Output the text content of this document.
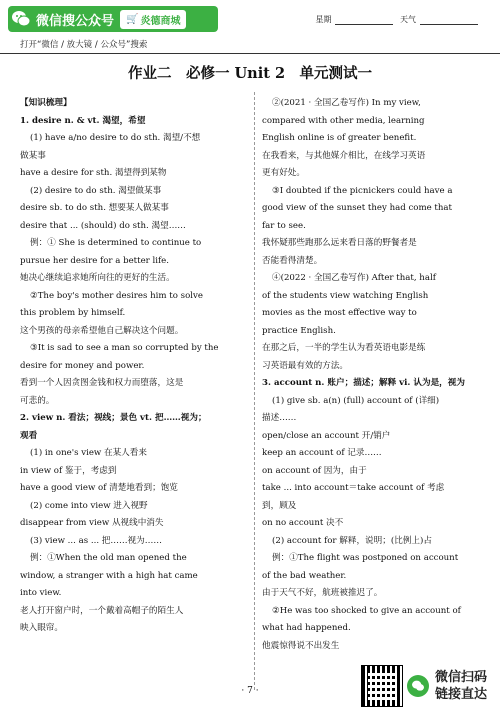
微信搜公众号 🛒 炎德商城
打开“微信 / 放大镜 / 公众号”搜索
星期	天气
作业二　必修一 Unit 2　单元测试一
【知识梳理】
1. desire n. & vt. 渴望，希望
(1) have a/no desire to do sth. 渴望/不想
做某事
have a desire for sth. 渴望得到某物
(2) desire to do sth. 渴望做某事
desire sb. to do sth. 想要某人做某事
desire that ... (should) do sth. 渴望……
例：① She is determined to continue to
pursue her desire for a better life.
她决心继续追求她所向往的更好的生活。
②The boy's mother desires him to solve
this problem by himself.
这个男孩的母亲希望他自己解决这个问题。
③It is sad to see a man so corrupted by the
desire for money and power.
看到一个人因贪图金钱和权力而堕落，这是
可悲的。
2. view n. 看法；视线；景色 vt. 把……视为；
观看
(1) in one's view 在某人看来
in view of 鉴于，考虑到
have a good view of 清楚地看到；饱览
(2) come into view 进入视野
disappear from view 从视线中消失
(3) view ... as ... 把……视为……
例：①When the old man opened the
window, a stranger with a high hat came
into view.
老人打开窗户时，一个戴着高帽子的陌生人
映入眼帘。
②(2021 · 全国乙卷写作) In my view,
compared with other media, learning
English online is of greater benefit.
在我看来，与其他媒介相比，在线学习英语
更有好处。
③I doubted if the picnickers could have a
good view of the sunset they had come that
far to see.
我怀疑那些跑那么远来看日落的野餐者是
否能看得清楚。
④(2022 · 全国乙卷写作) After that, half
of the students view watching English
movies as the most effective way to
practice English.
在那之后，一半的学生认为看英语电影是练
习英语最有效的方法。
3. account n. 账户；描述；解释 vi. 认为是，视为
(1) give sb. a(n) (full) account of (详细)
描述……
open/close an account 开/销户
keep an account of 记录……
on account of 因为，由于
take ... into account＝take account of 考虑
到，顾及
on no account 决不
(2) account for 解释，说明；(比例上)占
例：①The flight was postponed on account
of the bad weather.
由于天气不好，航班被推迟了。
②He was too shocked to give an account of
what had happened.
他震惊得说不出发生
· 7 ·
微信扫码
链接直达
